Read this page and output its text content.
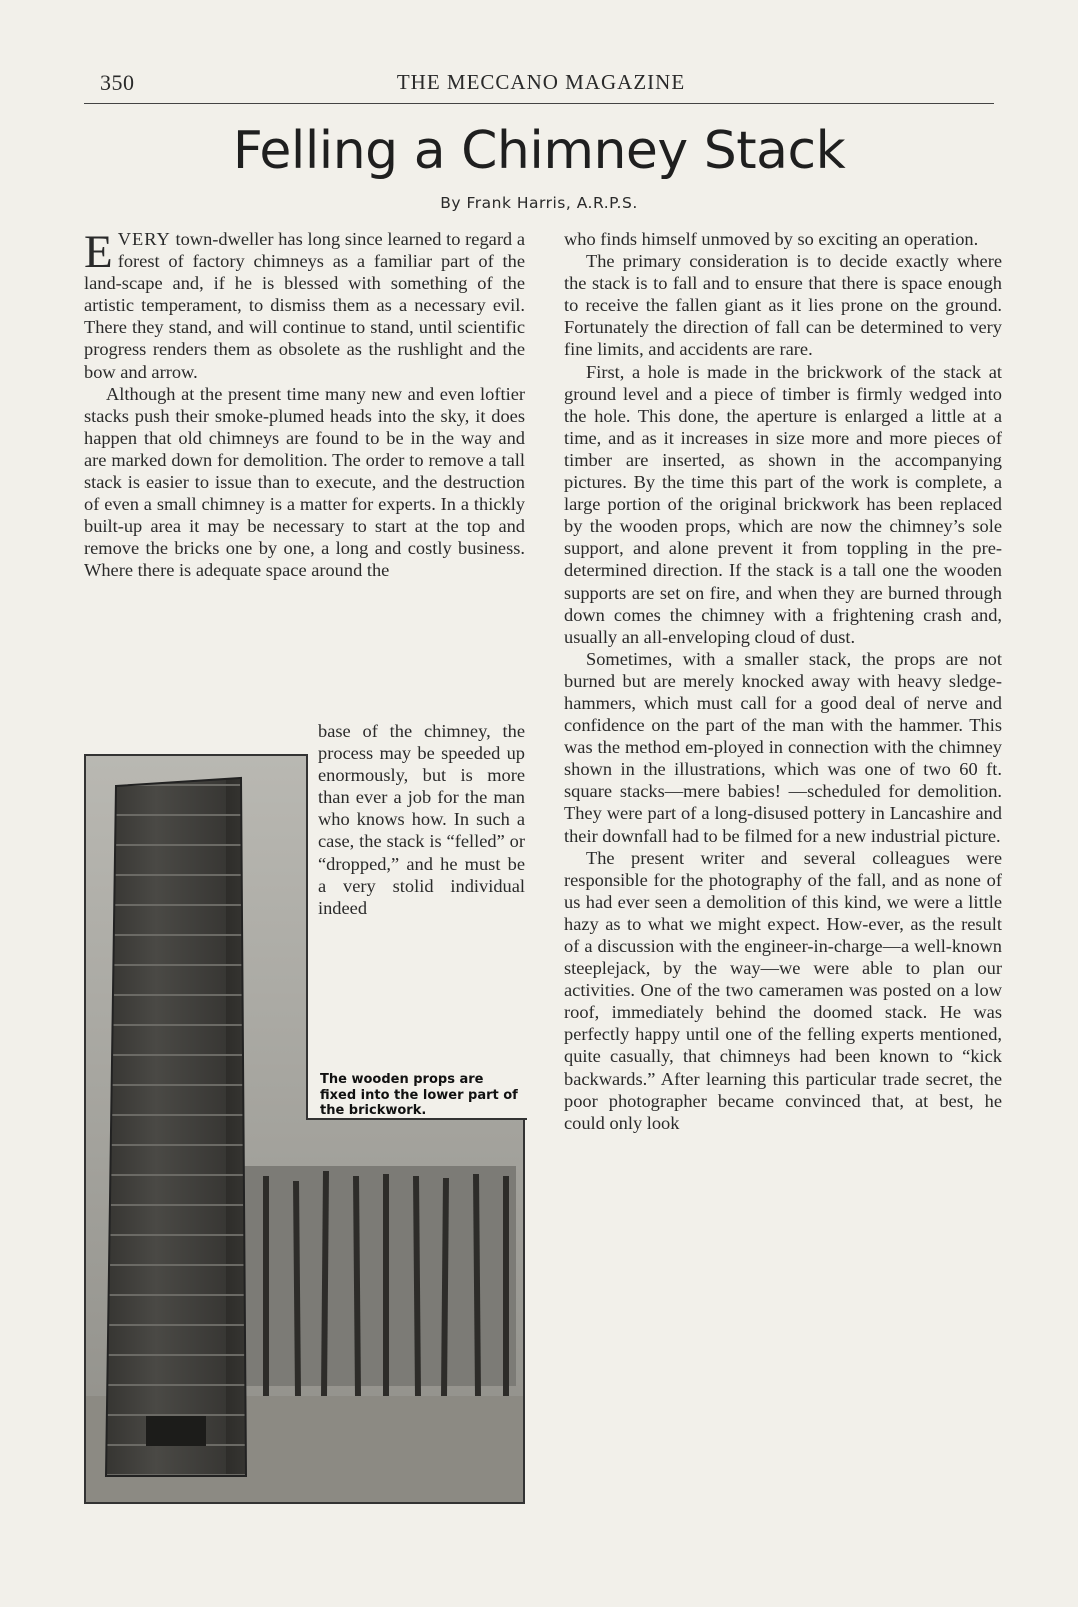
350	THE MECCANO MAGAZINE
Felling a Chimney Stack
By Frank Harris, A.R.P.S.

EVERY town-dweller has long since learned to regard a forest of factory chimneys as a familiar part of the land-scape and, if he is blessed with something of the artistic temperament, to dismiss them as a necessary evil. There they stand, and will continue to stand, until scientific progress renders them as obsolete as the rushlight and the bow and arrow.

Although at the present time many new and even loftier stacks push their smoke-plumed heads into the sky, it does happen that old chimneys are found to be in the way and are marked down for demolition. The order to remove a tall stack is easier to issue than to execute, and the destruction of even a small chimney is a matter for experts. In a thickly built-up area it may be necessary to start at the top and remove the bricks one by one, a long and costly business. Where there is adequate space around the

base of the chimney, the process may be speeded up enormously, but is more than ever a job for the man who knows how. In such a case, the stack is “felled” or “dropped,” and he must be a very stolid individual indeed

The wooden props are fixed into the lower part of the brickwork.

who finds himself unmoved by so exciting an operation.

The primary consideration is to decide exactly where the stack is to fall and to ensure that there is space enough to receive the fallen giant as it lies prone on the ground. Fortunately the direction of fall can be determined to very fine limits, and accidents are rare.

First, a hole is made in the brickwork of the stack at ground level and a piece of timber is firmly wedged into the hole. This done, the aperture is enlarged a little at a time, and as it increases in size more and more pieces of timber are inserted, as shown in the accompanying pictures. By the time this part of the work is complete, a large portion of the original brickwork has been replaced by the wooden props, which are now the chimney’s sole support, and alone prevent it from toppling in the pre-determined direction. If the stack is a tall one the wooden supports are set on fire, and when they are burned through down comes the chimney with a frightening crash and, usually an all-enveloping cloud of dust.

Sometimes, with a smaller stack, the props are not burned but are merely knocked away with heavy sledge-hammers, which must call for a good deal of nerve and confidence on the part of the man with the hammer. This was the method em-ployed in connection with the chimney shown in the illustrations, which was one of two 60 ft. square stacks—mere babies! —scheduled for demolition. They were part of a long-disused pottery in Lancashire and their downfall had to be filmed for a new industrial picture.

The present writer and several colleagues were responsible for the photography of the fall, and as none of us had ever seen a demolition of this kind, we were a little hazy as to what we might expect. How-ever, as the result of a discussion with the engineer-in-charge—a well-known steeplejack, by the way—we were able to plan our activities. One of the two cameramen was posted on a low roof, immediately behind the doomed stack. He was perfectly happy until one of the felling experts mentioned, quite casually, that chimneys had been known to “kick backwards.” After learning this particular trade secret, the poor photographer became convinced that, at best, he could only look
